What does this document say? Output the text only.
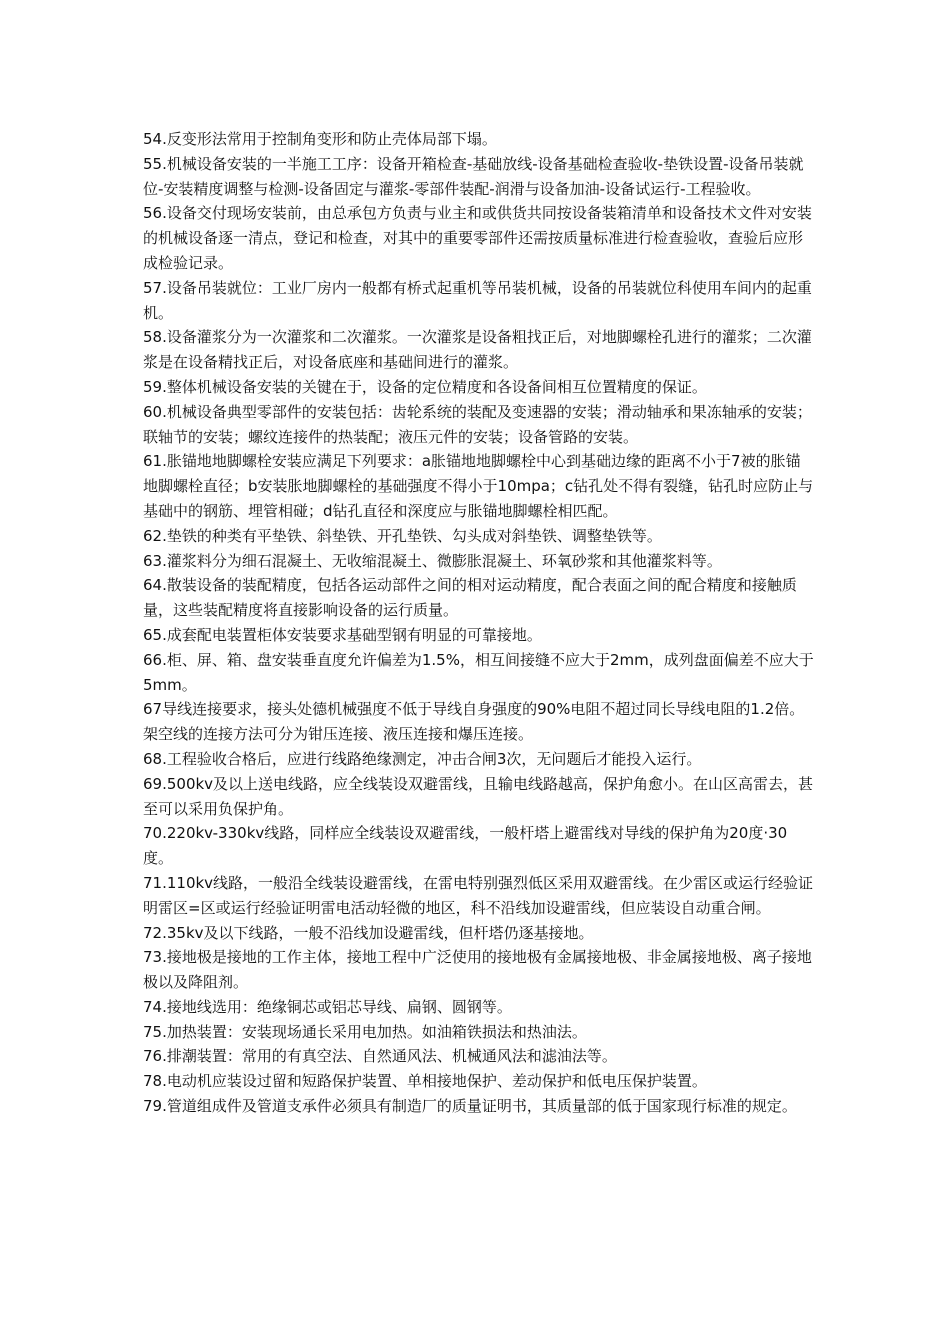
54.反变形法常用于控制角变形和防止壳体局部下塌。

55.机械设备安装的一半施工工序：设备开箱检查-基础放线-设备基础检查验收-垫铁设置-设备吊装就位-安装精度调整与检测-设备固定与灌浆-零部件装配-润滑与设备加油-设备试运行-工程验收。

56.设备交付现场安装前，由总承包方负责与业主和或供货共同按设备装箱清单和设备技术文件对安装的机械设备逐一清点，登记和检查，对其中的重要零部件还需按质量标准进行检查验收，查验后应形成检验记录。

57.设备吊装就位：工业厂房内一般都有桥式起重机等吊装机械，设备的吊装就位科使用车间内的起重机。

58.设备灌浆分为一次灌浆和二次灌浆。一次灌浆是设备粗找正后，对地脚螺栓孔进行的灌浆；二次灌浆是在设备精找正后，对设备底座和基础间进行的灌浆。

59.整体机械设备安装的关键在于，设备的定位精度和各设备间相互位置精度的保证。

60.机械设备典型零部件的安装包括：齿轮系统的装配及变速器的安装；滑动轴承和果冻轴承的安装；联轴节的安装；螺纹连接件的热装配；液压元件的安装；设备管路的安装。

61.胀锚地地脚螺栓安装应满足下列要求：a胀锚地地脚螺栓中心到基础边缘的距离不小于7被的胀锚地脚螺栓直径；b安装胀地脚螺栓的基础强度不得小于10mpa；c钻孔处不得有裂缝，钻孔时应防止与基础中的钢筋、埋管相碰；d钻孔直径和深度应与胀锚地脚螺栓相匹配。

62.垫铁的种类有平垫铁、斜垫铁、开孔垫铁、勾头成对斜垫铁、调整垫铁等。

63.灌浆料分为细石混凝土、无收缩混凝土、微膨胀混凝土、环氧砂浆和其他灌浆料等。

64.散装设备的装配精度，包括各运动部件之间的相对运动精度，配合表面之间的配合精度和接触质量，这些装配精度将直接影响设备的运行质量。

65.成套配电装置柜体安装要求基础型钢有明显的可靠接地。

66.柜、屏、箱、盘安装垂直度允许偏差为1.5%，相互间接缝不应大于2mm，成列盘面偏差不应大于5mm。

67导线连接要求，接头处德机械强度不低于导线自身强度的90%电阻不超过同长导线电阻的1.2倍。架空线的连接方法可分为钳压连接、液压连接和爆压连接。

68.工程验收合格后，应进行线路绝缘测定，冲击合闸3次，无问题后才能投入运行。

69.500kv及以上送电线路，应全线装设双避雷线，且输电线路越高，保护角愈小。在山区高雷去，甚至可以采用负保护角。

70.220kv-330kv线路，同样应全线装设双避雷线，一般杆塔上避雷线对导线的保护角为20度·30度。

71.110kv线路，一般沿全线装设避雷线，在雷电特别强烈低区采用双避雷线。在少雷区或运行经验证明雷区=区或运行经验证明雷电活动轻微的地区，科不沿线加设避雷线，但应装设自动重合闸。

72.35kv及以下线路，一般不沿线加设避雷线，但杆塔仍逐基接地。

73.接地极是接地的工作主体，接地工程中广泛使用的接地极有金属接地极、非金属接地极、离子接地极以及降阻剂。

74.接地线选用：绝缘铜芯或铝芯导线、扁钢、圆钢等。

75.加热装置：安装现场通长采用电加热。如油箱铁损法和热油法。

76.排潮装置：常用的有真空法、自然通风法、机械通风法和滤油法等。

78.电动机应装设过留和短路保护装置、单相接地保护、差动保护和低电压保护装置。

79.管道组成件及管道支承件必须具有制造厂的质量证明书，其质量部的低于国家现行标准的规定。
